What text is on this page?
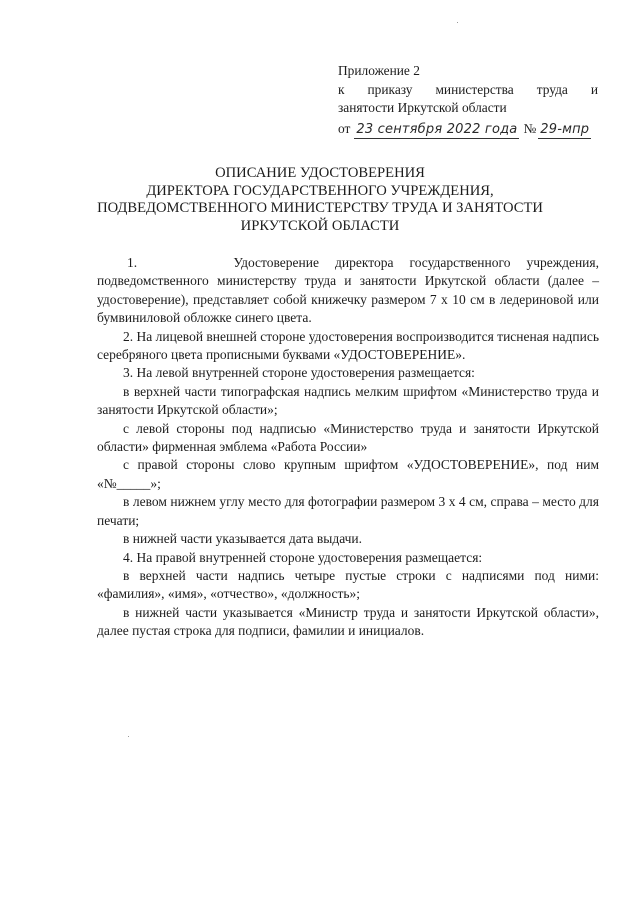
Приложение 2
к приказу министерства труда и
занятости Иркутской области
от 23 сентября 2022 года № 29-мпр
ОПИСАНИЕ УДОСТОВЕРЕНИЯ
ДИРЕКТОРА ГОСУДАРСТВЕННОГО УЧРЕЖДЕНИЯ,
ПОДВЕДОМСТВЕННОГО МИНИСТЕРСТВУ ТРУДА И ЗАНЯТОСТИ
ИРКУТСКОЙ ОБЛАСТИ

1.      Удостоверение директора государственного учреждения, подведомственного министерству труда и занятости Иркутской области (далее – удостоверение), представляет собой книжечку размером 7 х 10 см в ледериновой или бумвиниловой обложке синего цвета.

2. На лицевой внешней стороне удостоверения воспроизводится тисненая надпись серебряного цвета прописными буквами «УДОСТОВЕРЕНИЕ».

3. На левой внутренней стороне удостоверения размещается:

в верхней части типографская надпись мелким шрифтом «Министерство труда и занятости Иркутской области»;

с левой стороны под надписью «Министерство труда и занятости Иркутской области» фирменная эмблема «Работа России»

с правой стороны слово крупным шрифтом «УДОСТОВЕРЕНИЕ», под ним «№_____»;

в левом нижнем углу место для фотографии размером 3 х 4 см, справа – место для печати;

в нижней части указывается дата выдачи.

4. На правой внутренней стороне удостоверения размещается:

в верхней части надпись четыре пустые строки с надписями под ними: «фамилия», «имя», «отчество», «должность»;

в нижней части указывается «Министр труда и занятости Иркутской области», далее пустая строка для подписи, фамилии и инициалов.
